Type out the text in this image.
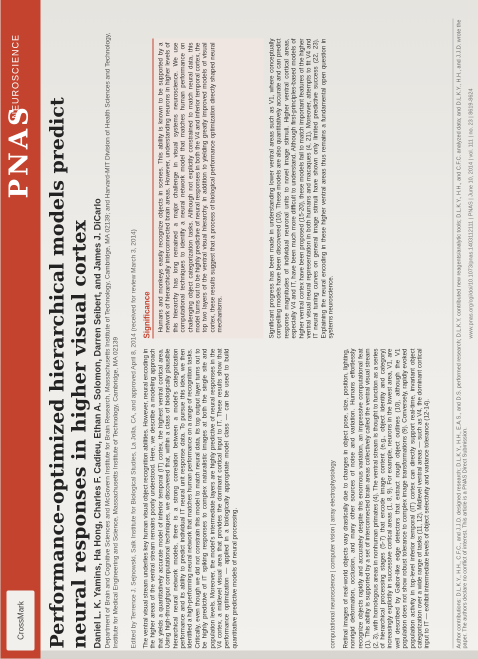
CrossMark
PNAS
NEUROSCIENCE
Performance-optimized hierarchical models predict neural responses in higher visual cortex Daniel L. K. Yamins, Ha Hong, Charles F. Cadieu, Ethan A. Solomon, Darren Seibert, and James J. DiCarlo Department of Brain and Cognitive Sciences and McGovern Institute for Brain Research, Massachusetts Institute of Technology, Cambridge, MA 02139; and Harvard-MIT Division of Health Sciences and Technology, Institute for Medical Engineering and Science, Massachusetts Institute of Technology, Cambridge, MA 02139 Edited by Terrence J. Sejnowski, Salk Institute for Biological Studies, La Jolla, CA, and approved April 8, 2014 (received for review March 3, 2014) The ventral visual stream underlies key human visual object recognition abilities. However, neural encoding in the higher areas of the ventral stream remains poorly understood. Here, we describe a modeling approach that yields a quantitatively accurate model of inferior temporal (IT) cortex, the highest ventral cortical area. Using high-throughput computational techniques, we discovered that, within a class of biologically plausible hierarchical neural network models, there is a strong correlation between a model's categorization performance and its ability to predict individual IT neural unit response data. To pursue this idea, we then identified a high-performing neural network that matches human performance on a range of recognition tasks. Critically, even though we did not constrain this model to match neural data, its top output layer turns out to be highly predictive of IT spiking responses to complex naturalistic images at both the single site and population levels. Moreover, the model's intermediate layers are highly predictive of neural responses in the V4 cortex, a midlevel visual area that provides the dominant cortical input to IT. These results show that performance optimization — applied in a biologically appropriate model class — can be used to build quantitative predictive models of neural processing.	computational neuroscience | computer vision | array electrophysiology Retinal images of real-world objects vary drastically due to changes in object pose, size, position, lighting, nonrigid deformation, occlusion, and many other sources of noise and variation. Humans effortlessly recognize objects rapidly and accurately despite this enormous variation, an impressive computational feat (1). This ability is supported by a set of interconnected brain areas collectively called the ventral visual stream (2, 3), with homologous areas in nonhuman primates (4). The ventral stream is thought to function as a series of hierarchical processing stages (5-7) that encode image content (e.g., object identity and category) increasingly explicitly in successive cortical areas (1, 8, 9). For example, neurons in the lowest area, V1, are well described by Gabor-like edge detectors that extract rough object outlines (10), although the V1 population does not show robust tolerance to complex image transformations (9). Conversely, rapidly evoked population activity in top-level inferior temporal (IT) cortex can directly support real-time, invariant object categorization over a wide range of tasks (11, 12). Midlevel ventral areas — such as V4, the dominant cortical input to IT — exhibit intermediate levels of object selectivity and variance tolerance (12-14).
Significance Humans and monkeys easily recognize objects in scenes. This ability is known to be supported by a network of hierarchically interconnected brain areas. However, understanding neurons in higher levels of this hierarchy has long remained a major challenge in visual systems neuroscience. We use computational techniques to identify a neural network model that matches human performance on challenging object categorization tasks. Although not explicitly constrained to match neural data, this model turns out to be highly predictive of neural responses in both the V4 and inferior temporal cortex, the top two layers of the ventral visual hierarchy. In addition to yielding greatly improved models of visual cortex, these results suggest that a process of biological performance optimization directly shaped neural mechanisms.	Significant progress has been made in understanding lower ventral areas such as V1, where conceptually compelling models have been discovered (10). These models are also quantitatively accurate and can predict response magnitudes of individual neuronal units to novel image stimuli. Higher ventral cortical areas, especially V4 and IT, have been much more difficult to understand. Although first-principles-based models of higher ventral cortex have been proposed (15-20), these models fail to match important features of the higher ventral visual neural representation in both humans and macaques (4, 21). Moreover, attempts to fit V4 and IT neural tuning curves on general image stimuli have shown only limited predictive success (22, 23). Explaining the neural encoding in these higher ventral areas thus remains a fundamental open question in systems neuroscience.	Author contributions: D.L.K.Y., H.H., C.F.C., and J.J.D. designed research; D.L.K.Y., H.H., E.A.S., and D.S. performed research; D.L.K.Y. contributed new reagents/analytic tools; D.L.K.Y., H.H., and C.F.C. analyzed data; and D.L.K.Y., H.H., and J.J.D. wrote the paper. The authors declare no conflict of interest. This article is a PNAS Direct Submission.
www.pnas.org/cgi/doi/10.1073/pnas.1403112111 | PNAS | June 10, 2014 | vol. 111 | no. 23 | 8619-8624
